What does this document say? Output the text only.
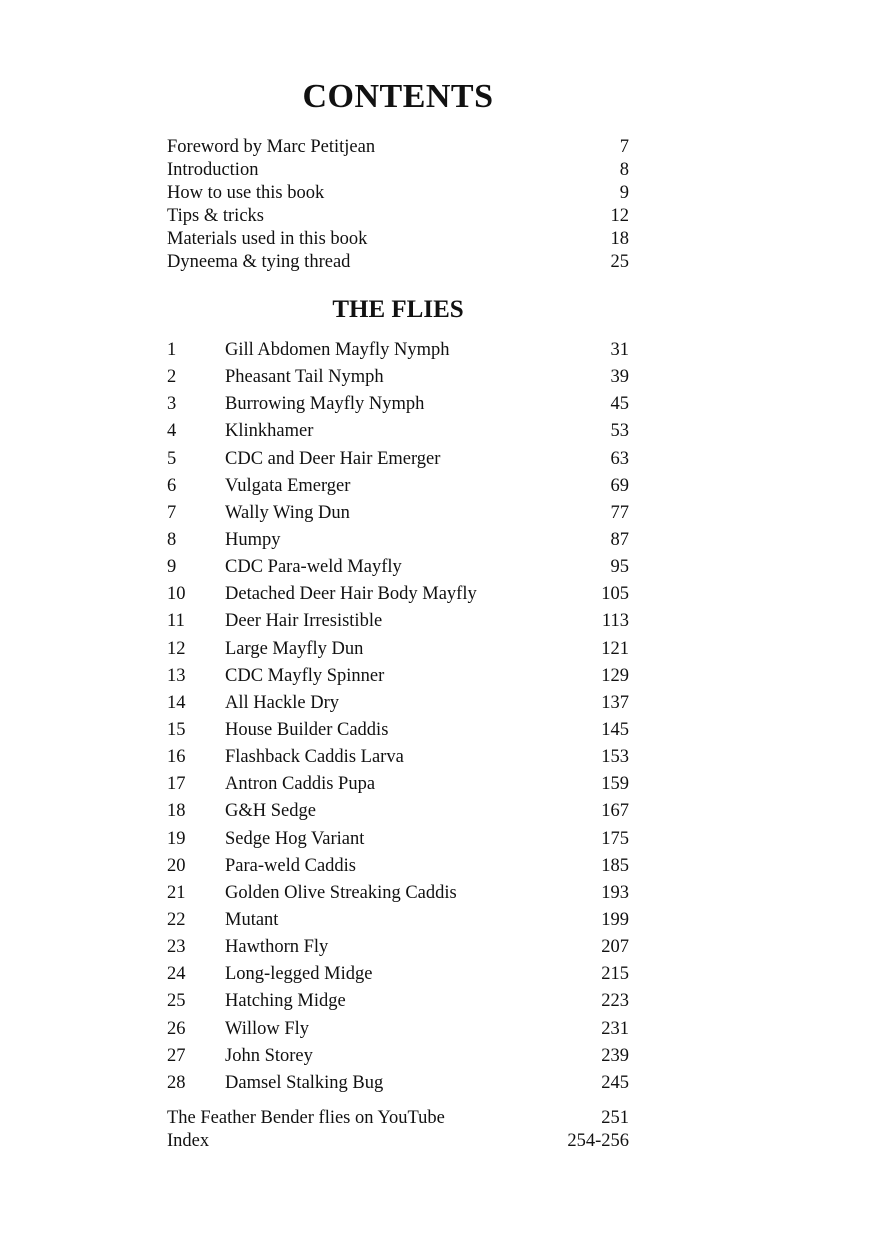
CONTENTS
Foreword by Marc Petitjean	7
Introduction	8
How to use this book	9
Tips & tricks	12
Materials used in this book	18
Dyneema & tying thread	25
THE FLIES
1	Gill Abdomen Mayfly Nymph	31
2	Pheasant Tail Nymph	39
3	Burrowing Mayfly Nymph	45
4	Klinkhamer	53
5	CDC and Deer Hair Emerger	63
6	Vulgata Emerger	69
7	Wally Wing Dun	77
8	Humpy	87
9	CDC Para-weld Mayfly	95
10	Detached Deer Hair Body Mayfly	105
11	Deer Hair Irresistible	113
12	Large Mayfly Dun	121
13	CDC Mayfly Spinner	129
14	All Hackle Dry	137
15	House Builder Caddis	145
16	Flashback Caddis Larva	153
17	Antron Caddis Pupa	159
18	G&H Sedge	167
19	Sedge Hog Variant	175
20	Para-weld Caddis	185
21	Golden Olive Streaking Caddis	193
22	Mutant	199
23	Hawthorn Fly	207
24	Long-legged Midge	215
25	Hatching Midge	223
26	Willow Fly	231
27	John Storey	239
28	Damsel Stalking Bug	245
The Feather Bender flies on YouTube	251
Index	254-256
